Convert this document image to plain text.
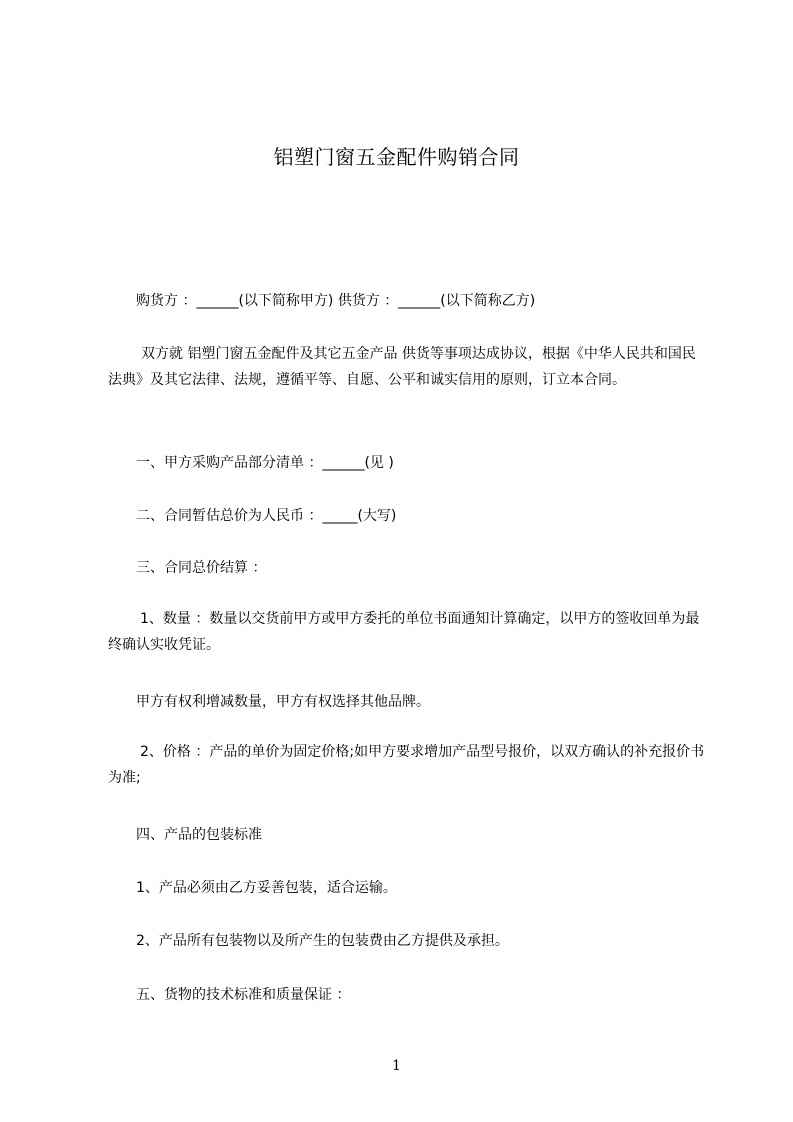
铝塑门窗五金配件购销合同
购货方 ：______(以下简称甲方) 供货方 ：______(以下简称乙方)
双方就 铝塑门窗五金配件及其它五金产品 供货等事项达成协议，根据《中华人民共和国民法典》及其它法律、法规，遵循平等、自愿、公平和诚实信用的原则，订立本合同。
一、甲方采购产品部分清单 ：______(见 )
二、合同暂估总价为人民币 ：_____(大写)
三、合同总价结算 ：
1、数量 ：数量以交货前甲方或甲方委托的单位书面通知计算确定，以甲方的签收回单为最终确认实收凭证。
甲方有权利增减数量，甲方有权选择其他品牌。
2、价格 ：产品的单价为固定价格;如甲方要求增加产品型号报价，以双方确认的补充报价书为准;
四、产品的包装标准
1、产品必须由乙方妥善包装，适合运输。
2、产品所有包装物以及所产生的包装费由乙方提供及承担。
五、货物的技术标准和质量保证 ：
1
